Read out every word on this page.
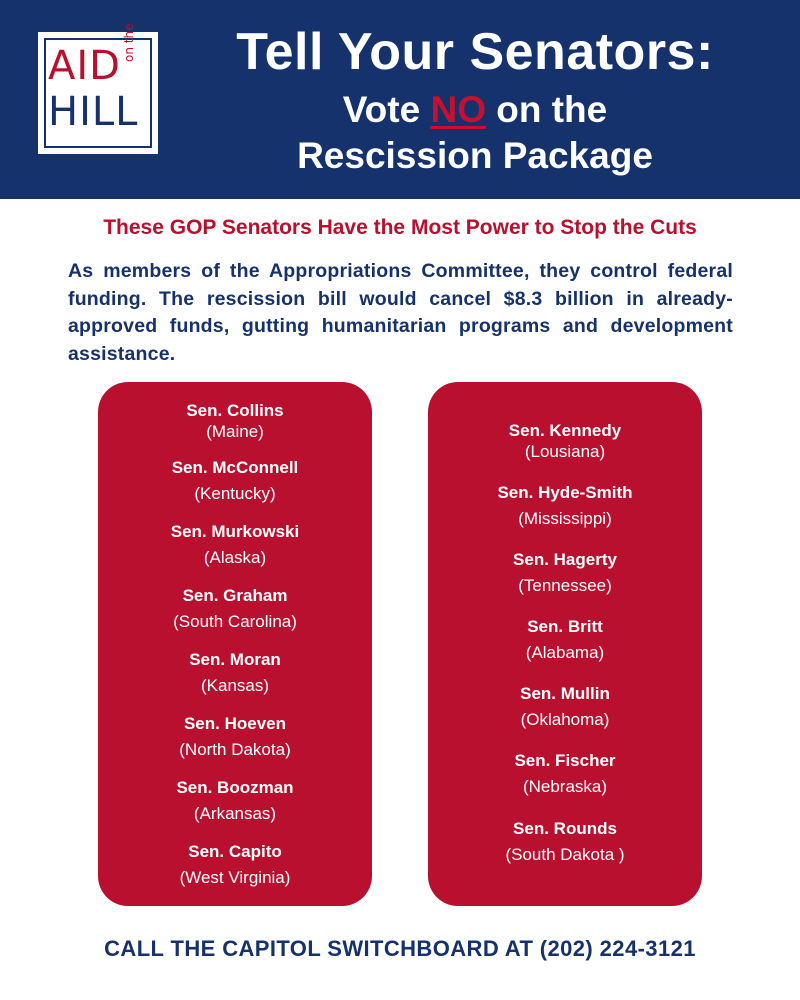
AID
on the
HILL
Tell Your Senators:
Vote NO on the
Rescission Package
These GOP Senators Have the Most Power to Stop the Cuts
As members of the Appropriations Committee, they control federal funding. The rescission bill would cancel $8.3 billion in already-approved funds, gutting humanitarian programs and development assistance.
Sen. Collins
(Maine)
Sen. McConnell
(Kentucky)
Sen. Murkowski
(Alaska)
Sen. Graham
(South Carolina)
Sen. Moran
(Kansas)
Sen. Hoeven
(North Dakota)
Sen. Boozman
(Arkansas)
Sen. Capito
(West Virginia)
Sen. Kennedy
(Lousiana)
Sen. Hyde-Smith
(Mississippi)
Sen. Hagerty
(Tennessee)
Sen. Britt
(Alabama)
Sen. Mullin
(Oklahoma)
Sen. Fischer
(Nebraska)
Sen. Rounds
(South Dakota )
CALL THE CAPITOL SWITCHBOARD AT (202) 224-3121
